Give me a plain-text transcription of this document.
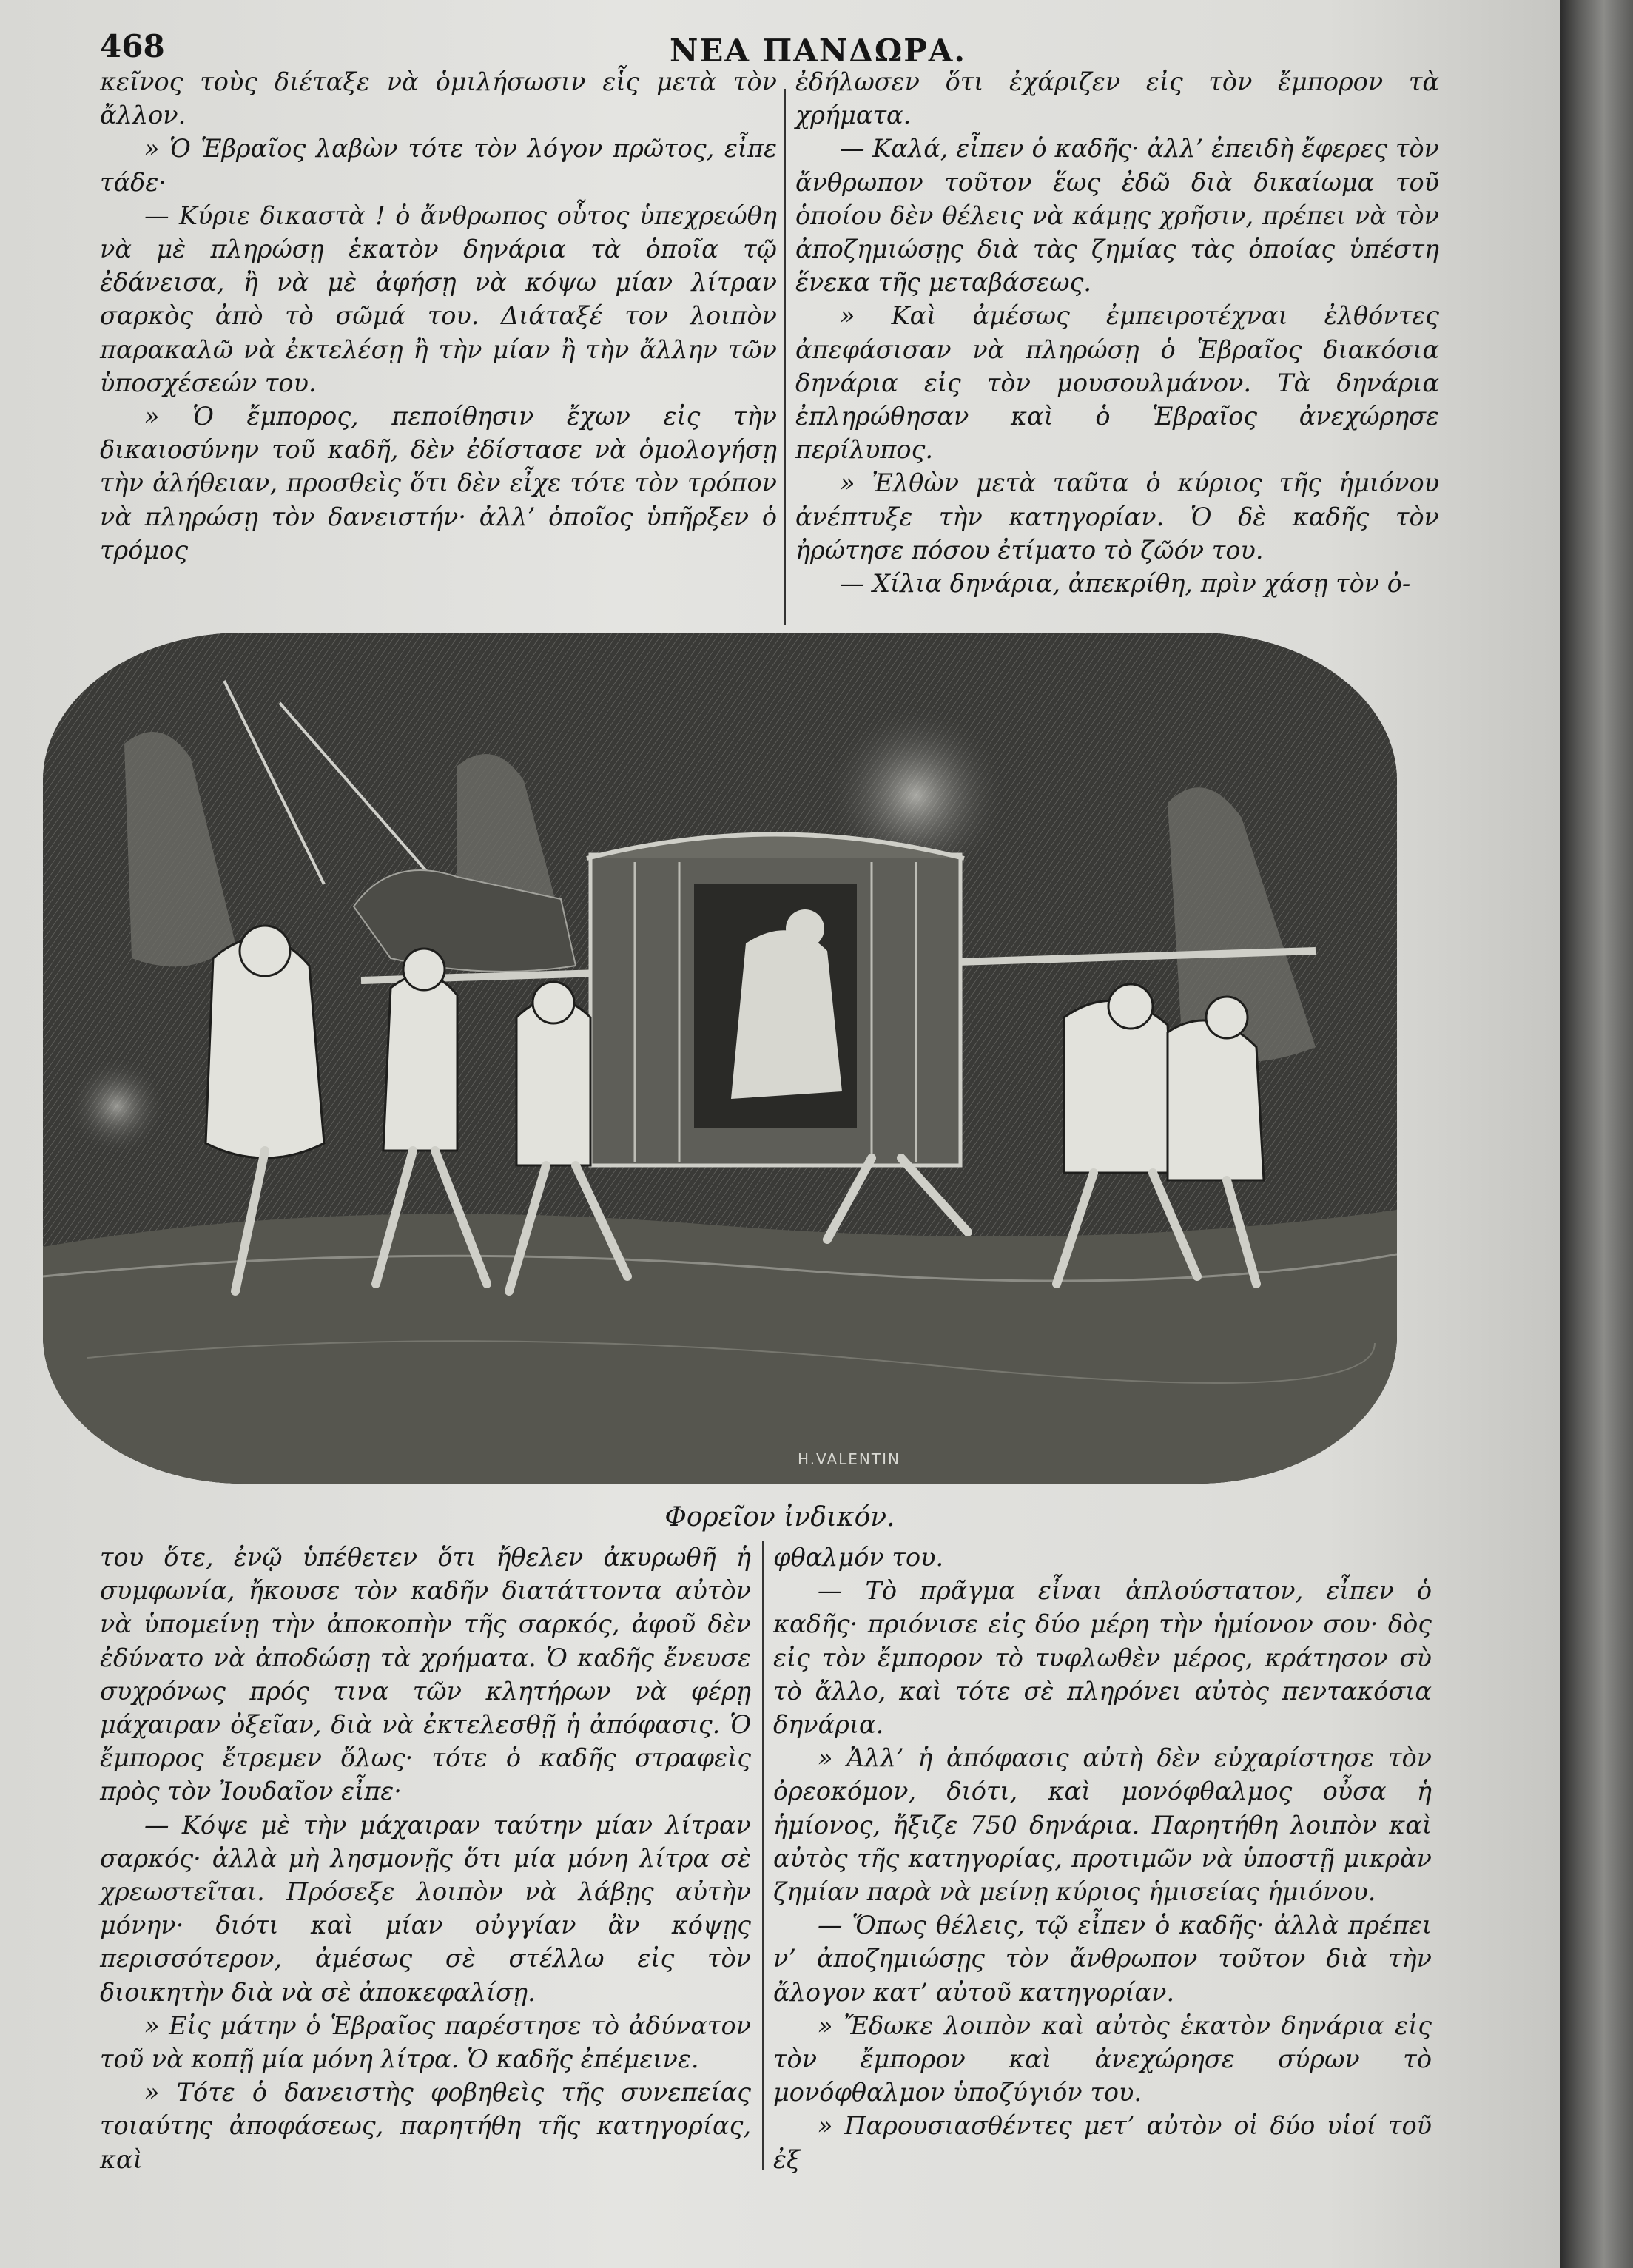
468	ΝΕΑ ΠΑΝΔΩΡΑ.

κεῖνος τοὺς διέταξε νὰ ὁμιλήσωσιν εἷς μετὰ τὸν ἄλλον.

» Ὁ Ἑβραῖος λαβὼν τότε τὸν λόγον πρῶτος, εἶπε τάδε·

— Κύριε δικαστὰ ! ὁ ἄνθρωπος οὗτος ὑπεχρεώθη νὰ μὲ πληρώσῃ ἑκατὸν δηνάρια τὰ ὁποῖα τῷ ἐδάνεισα, ἢ νὰ μὲ ἀφήσῃ νὰ κόψω μίαν λίτραν σαρκὸς ἀπὸ τὸ σῶμά του. Διάταξέ τον λοιπὸν παρακαλῶ νὰ ἐκτελέσῃ ἢ τὴν μίαν ἢ τὴν ἄλλην τῶν ὑποσχέσεών του.

» Ὁ ἔμπορος, πεποίθησιν ἔχων εἰς τὴν δικαιοσύνην τοῦ καδῆ, δὲν ἐδίστασε νὰ ὁμολογήσῃ τὴν ἀλήθειαν, προσθεὶς ὅτι δὲν εἶχε τότε τὸν τρόπον νὰ πληρώσῃ τὸν δανειστήν· ἀλλ’ ὁποῖος ὑπῆρξεν ὁ τρόμος

ἐδήλωσεν ὅτι ἐχάριζεν εἰς τὸν ἔμπορον τὰ χρήματα.

— Καλά, εἶπεν ὁ καδῆς· ἀλλ’ ἐπειδὴ ἔφερες τὸν ἄνθρωπον τοῦτον ἕως ἐδῶ διὰ δικαίωμα τοῦ ὁποίου δὲν θέλεις νὰ κάμῃς χρῆσιν, πρέπει νὰ τὸν ἀποζημιώσῃς διὰ τὰς ζημίας τὰς ὁποίας ὑπέστη ἕνεκα τῆς μεταβάσεως.

» Καὶ ἀμέσως ἐμπειροτέχναι ἐλθόντες ἀπεφάσισαν νὰ πληρώσῃ ὁ Ἑβραῖος διακόσια δηνάρια εἰς τὸν μουσουλμάνον. Τὰ δηνάρια ἐπληρώθησαν καὶ ὁ Ἑβραῖος ἀνεχώρησε περίλυπος.

» Ἐλθὼν μετὰ ταῦτα ὁ κύριος τῆς ἡμιόνου ἀνέπτυξε τὴν κατηγορίαν. Ὁ δὲ καδῆς τὸν ἠρώτησε πόσου ἐτίματο τὸ ζῶόν του.

— Χίλια δηνάρια, ἀπεκρίθη, πρὶν χάσῃ τὸν ὀ-

H.VALENTIN
Φορεῖον ἰνδικόν.

του ὅτε, ἐνῷ ὑπέθετεν ὅτι ἤθελεν ἀκυρωθῆ ἡ συμφωνία, ἤκουσε τὸν καδῆν διατάττοντα αὐτὸν νὰ ὑπομείνῃ τὴν ἀποκοπὴν τῆς σαρκός, ἀφοῦ δὲν ἐδύνατο νὰ ἀποδώσῃ τὰ χρήματα. Ὁ καδῆς ἔνευσε συχρόνως πρός τινα τῶν κλητήρων νὰ φέρῃ μάχαιραν ὀξεῖαν, διὰ νὰ ἐκτελεσθῇ ἡ ἀπόφασις. Ὁ ἔμπορος ἔτρεμεν ὅλως· τότε ὁ καδῆς στραφεὶς πρὸς τὸν Ἰουδαῖον εἶπε·

— Κόψε μὲ τὴν μάχαιραν ταύτην μίαν λίτραν σαρκός· ἀλλὰ μὴ λησμονῇς ὅτι μία μόνη λίτρα σὲ χρεωστεῖται. Πρόσεξε λοιπὸν νὰ λάβῃς αὐτὴν μόνην· διότι καὶ μίαν οὐγγίαν ἂν κόψῃς περισσότερον, ἀμέσως σὲ στέλλω εἰς τὸν διοικητὴν διὰ νὰ σὲ ἀποκεφαλίσῃ.

» Εἰς μάτην ὁ Ἑβραῖος παρέστησε τὸ ἀδύνατον τοῦ νὰ κοπῇ μία μόνη λίτρα. Ὁ καδῆς ἐπέμεινε.

» Τότε ὁ δανειστὴς φοβηθεὶς τῆς συνεπείας τοιαύτης ἀποφάσεως, παρητήθη τῆς κατηγορίας, καὶ

φθαλμόν του.

— Τὸ πρᾶγμα εἶναι ἁπλούστατον, εἶπεν ὁ καδῆς· πριόνισε εἰς δύο μέρη τὴν ἡμίονον σου· δὸς εἰς τὸν ἔμπορον τὸ τυφλωθὲν μέρος, κράτησον σὺ τὸ ἄλλο, καὶ τότε σὲ πληρόνει αὐτὸς πεντακόσια δηνάρια.

» Ἀλλ’ ἡ ἀπόφασις αὐτὴ δὲν εὐχαρίστησε τὸν ὀρεοκόμον, διότι, καὶ μονόφθαλμος οὖσα ἡ ἡμίονος, ἤξιζε 750 δηνάρια. Παρητήθη λοιπὸν καὶ αὐτὸς τῆς κατηγορίας, προτιμῶν νὰ ὑποστῇ μικρὰν ζημίαν παρὰ νὰ μείνῃ κύριος ἡμισείας ἡμιόνου.

— Ὅπως θέλεις, τῷ εἶπεν ὁ καδῆς· ἀλλὰ πρέπει ν’ ἀποζημιώσῃς τὸν ἄνθρωπον τοῦτον διὰ τὴν ἄλογον κατ’ αὐτοῦ κατηγορίαν.

» Ἔδωκε λοιπὸν καὶ αὐτὸς ἑκατὸν δηνάρια εἰς τὸν ἔμπορον καὶ ἀνεχώρησε σύρων τὸ μονόφθαλμον ὑποζύγιόν του.

» Παρουσιασθέντες μετ’ αὐτὸν οἱ δύο υἱοί τοῦ ἐξ
